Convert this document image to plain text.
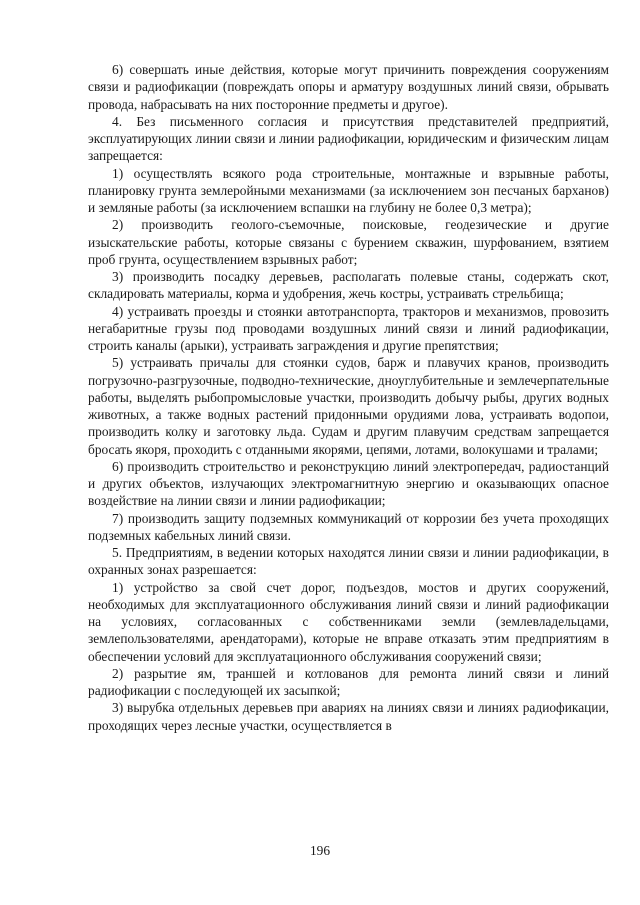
6) совершать иные действия, которые могут причинить повреждения сооружениям связи и радиофикации (повреждать опоры и арматуру воздушных линий связи, обрывать провода, набрасывать на них посторонние предметы и другое).

4. Без письменного согласия и присутствия представителей предприятий, эксплуатирующих линии связи и линии радиофикации, юридическим и физическим лицам запрещается:

1) осуществлять всякого рода строительные, монтажные и взрывные работы, планировку грунта землеройными механизмами (за исключением зон песчаных барханов) и земляные работы (за исключением вспашки на глубину не более 0,3 метра);

2) производить геолого-съемочные, поисковые, геодезические и другие изыскательские работы, которые связаны с бурением скважин, шурфованием, взятием проб грунта, осуществлением взрывных работ;

3) производить посадку деревьев, располагать полевые станы, содержать скот, складировать материалы, корма и удобрения, жечь костры, устраивать стрельбища;

4) устраивать проезды и стоянки автотранспорта, тракторов и механизмов, провозить негабаритные грузы под проводами воздушных линий связи и линий радиофикации, строить каналы (арыки), устраивать заграждения и другие препятствия;

5) устраивать причалы для стоянки судов, барж и плавучих кранов, производить погрузочно-разгрузочные, подводно-технические, дноуглубительные и землечерпательные работы, выделять рыбопромысловые участки, производить добычу рыбы, других водных животных, а также водных растений придонными орудиями лова, устраивать водопои, производить колку и заготовку льда. Судам и другим плавучим средствам запрещается бросать якоря, проходить с отданными якорями, цепями, лотами, волокушами и тралами;

6) производить строительство и реконструкцию линий электропередач, радиостанций и других объектов, излучающих электромагнитную энергию и оказывающих опасное воздействие на линии связи и линии радиофикации;

7) производить защиту подземных коммуникаций от коррозии без учета проходящих подземных кабельных линий связи.

5. Предприятиям, в ведении которых находятся линии связи и линии радиофикации, в охранных зонах разрешается:

1) устройство за свой счет дорог, подъездов, мостов и других сооружений, необходимых для эксплуатационного обслуживания линий связи и линий радиофикации на условиях, согласованных с собственниками земли (землевладельцами, землепользователями, арендаторами), которые не вправе отказать этим предприятиям в обеспечении условий для эксплуатационного обслуживания сооружений связи;

2) разрытие ям, траншей и котлованов для ремонта линий связи и линий радиофикации с последующей их засыпкой;

3) вырубка отдельных деревьев при авариях на линиях связи и линиях радиофикации, проходящих через лесные участки, осуществляется в

196
